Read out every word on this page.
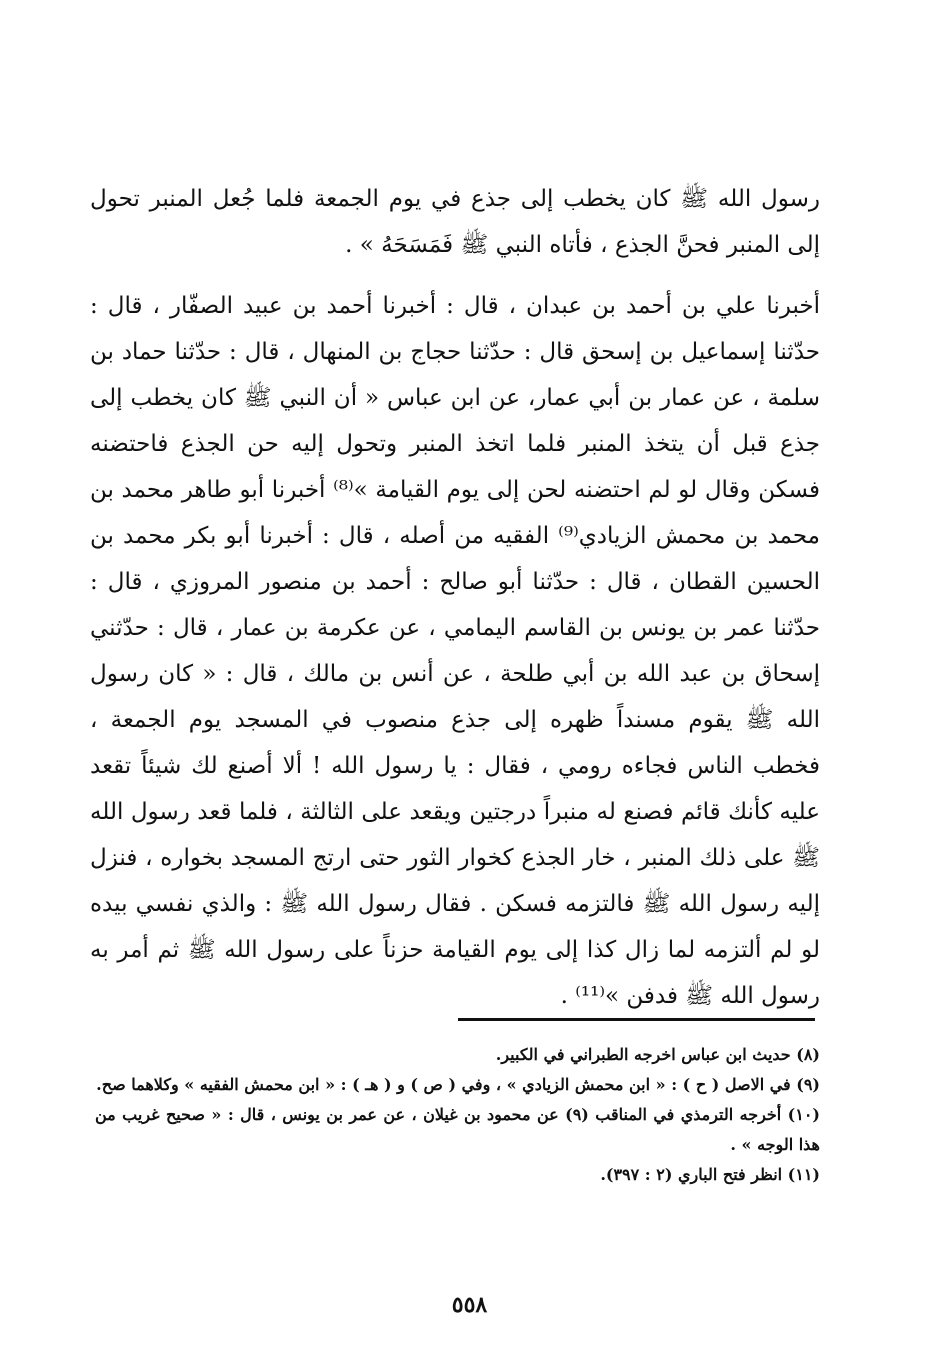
رسول الله ﷺ كان يخطب إلى جذع في يوم الجمعة فلما جُعل المنبر تحول إلى المنبر فحنَّ الجذع ، فأتاه النبي ﷺ فَمَسَحَهُ » .

أخبرنا علي بن أحمد بن عبدان ، قال : أخبرنا أحمد بن عبيد الصفّار ، قال : حدّثنا إسماعيل بن إسحق قال : حدّثنا حجاج بن المنهال ، قال : حدّثنا حماد بن سلمة ، عن عمار بن أبي عمار، عن ابن عباس « أن النبي ﷺ كان يخطب إلى جذع قبل أن يتخذ المنبر فلما اتخذ المنبر وتحول إليه حن الجذع فاحتضنه فسكن وقال لو لم احتضنه لحن إلى يوم القيامة »⁽⁸⁾ أخبرنا أبو طاهر محمد بن محمد بن محمش الزيادي⁽⁹⁾ الفقيه من أصله ، قال : أخبرنا أبو بكر محمد بن الحسين القطان ، قال : حدّثنا أبو صالح : أحمد بن منصور المروزي ، قال : حدّثنا عمر بن يونس بن القاسم اليمامي ، عن عكرمة بن عمار ، قال : حدّثني إسحاق بن عبد الله بن أبي طلحة ، عن أنس بن مالك ، قال : « كان رسول الله ﷺ يقوم مسنداً ظهره إلى جذع منصوب في المسجد يوم الجمعة ، فخطب الناس فجاءه رومي ، فقال : يا رسول الله ! ألا أصنع لك شيئاً تقعد عليه كأنك قائم فصنع له منبراً درجتين ويقعد على الثالثة ، فلما قعد رسول الله ﷺ على ذلك المنبر ، خار الجذع كخوار الثور حتى ارتج المسجد بخواره ، فنزل إليه رسول الله ﷺ فالتزمه فسكن . فقال رسول الله ﷺ : والذي نفسي بيده لو لم ألتزمه لما زال كذا إلى يوم القيامة حزناً على رسول الله ﷺ ثم أمر به رسول الله ﷺ فدفن »⁽¹¹⁾ .

(٨) حديث ابن عباس اخرجه الطبراني في الكبير.
(٩) في الاصل ( ح ) : « ابن محمش الزيادي » ، وفي ( ص ) و ( هـ ) : « ابن محمش الفقيه » وكلاهما صح.
(١٠) أخرجه الترمذي في المناقب (٩) عن محمود بن غيلان ، عن عمر بن يونس ، قال : « صحيح غريب من هذا الوجه » .
(١١) انظر فتح الباري (٢ : ٣٩٧).
٥٥٨
